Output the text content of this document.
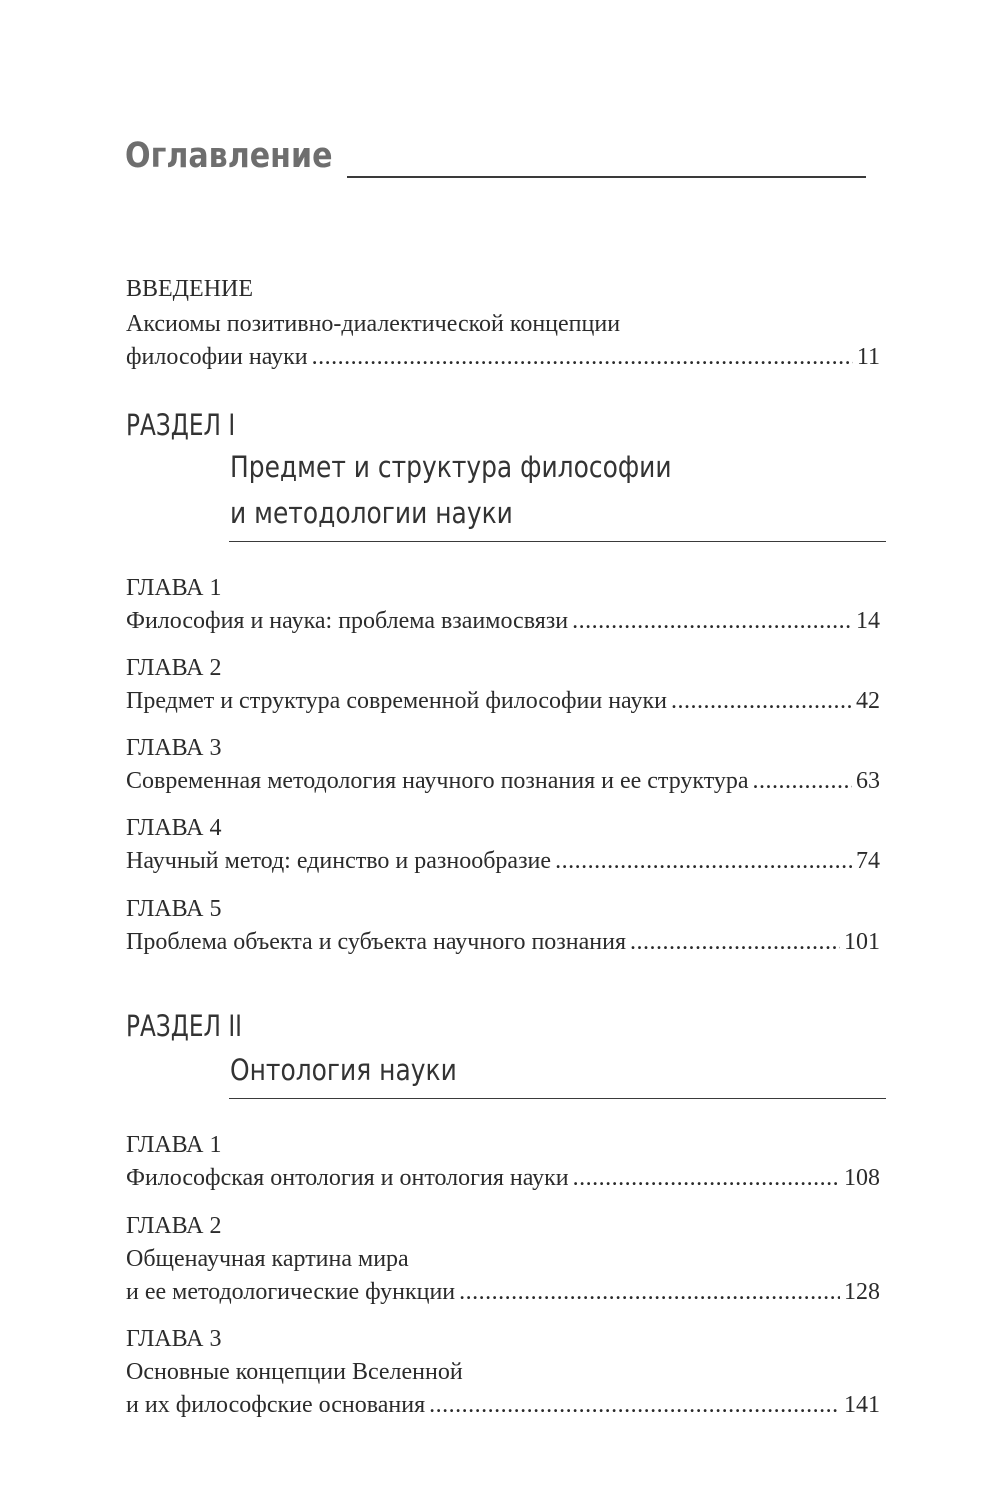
Оглавление
ВВЕДЕНИЕ
Аксиомы позитивно-диалектической концепции
философии науки .....	11
РАЗДЕЛ I
Предмет и структура философии
и методологии науки
ГЛАВА 1
Философия и наука: проблема взаимосвязи .....	14
ГЛАВА 2
Предмет и структура современной философии науки .....	42
ГЛАВА 3
Современная методология научного познания и ее структура .....	63
ГЛАВА 4
Научный метод: единство и разнообразие .....	74
ГЛАВА 5
Проблема объекта и субъекта научного познания .....	101
РАЗДЕЛ II
Онтология науки
ГЛАВА 1
Философская онтология и онтология науки .....	108
ГЛАВА 2
Общенаучная картина мира
и ее методологические функции .....	128
ГЛАВА 3
Основные концепции Вселенной
и их философские основания .....	141
